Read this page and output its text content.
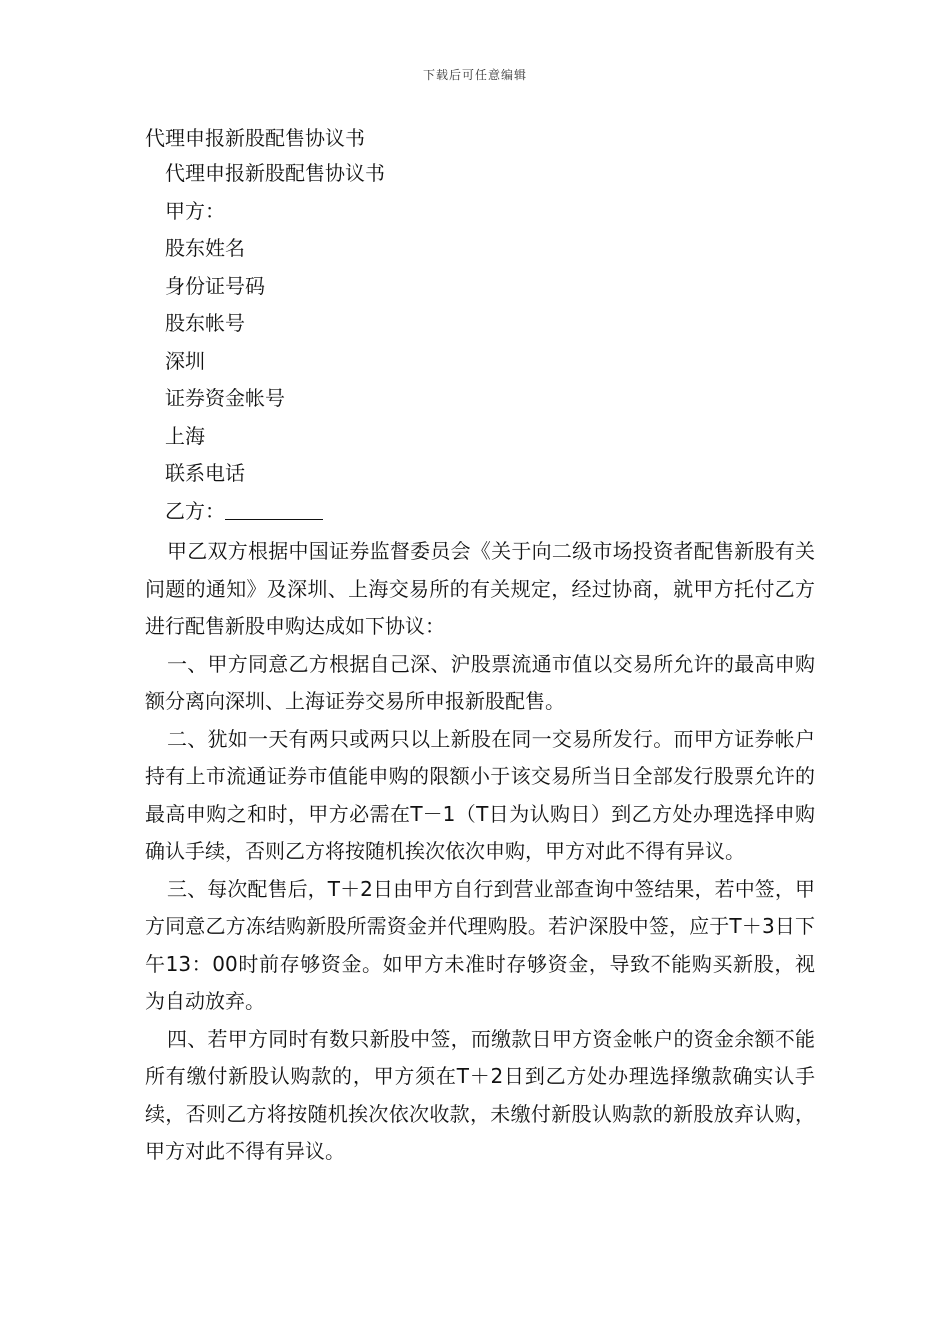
下载后可任意编辑
代理申报新股配售协议书
代理申报新股配售协议书
甲方：
股东姓名
身份证号码
股东帐号
深圳
证券资金帐号
上海
联系电话
乙方：

甲乙双方根据中国证券监督委员会《关于向二级市场投资者配售新股有关问题的通知》及深圳、上海交易所的有关规定，经过协商，就甲方托付乙方进行配售新股申购达成如下协议：

一、甲方同意乙方根据自己深、沪股票流通市值以交易所允许的最高申购额分离向深圳、上海证券交易所申报新股配售。

二、犹如一天有两只或两只以上新股在同一交易所发行。而甲方证券帐户持有上市流通证券市值能申购的限额小于该交易所当日全部发行股票允许的最高申购之和时，甲方必需在T－1（T日为认购日）到乙方处办理选择申购确认手续，否则乙方将按随机挨次依次申购，甲方对此不得有异议。

三、每次配售后，T＋2日由甲方自行到营业部查询中签结果，若中签，甲方同意乙方冻结购新股所需资金并代理购股。若沪深股中签，应于T＋3日下午13：00时前存够资金。如甲方未准时存够资金，导致不能购买新股，视为自动放弃。

四、若甲方同时有数只新股中签，而缴款日甲方资金帐户的资金余额不能所有缴付新股认购款的，甲方须在T＋2日到乙方处办理选择缴款确实认手续，否则乙方将按随机挨次依次收款，未缴付新股认购款的新股放弃认购，甲方对此不得有异议。
